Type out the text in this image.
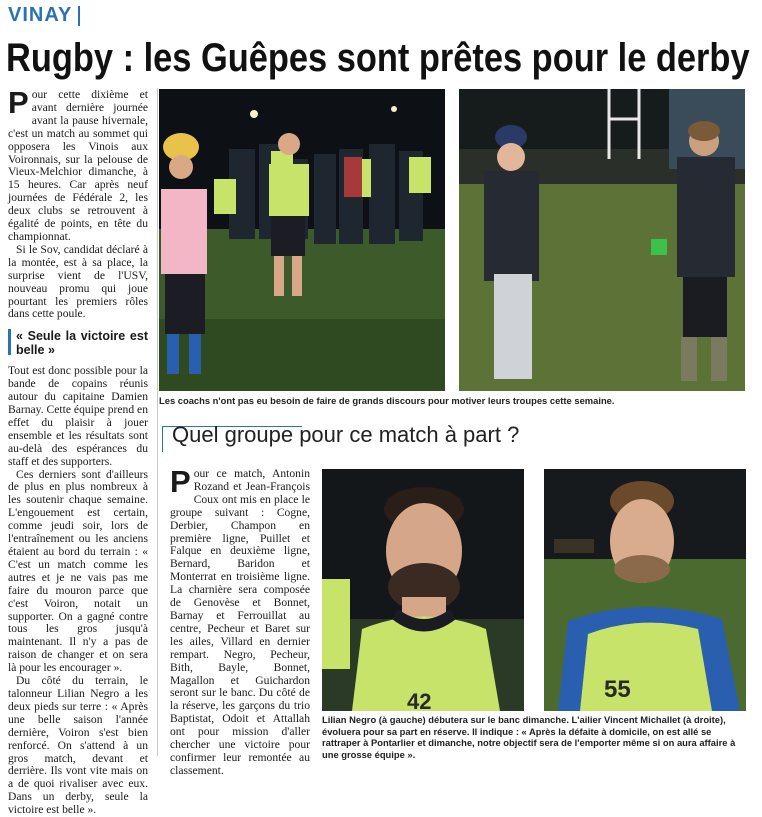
VINAY
Rugby : les Guêpes sont prêtes pour le derby

Pour cette dixième et avant dernière journée avant la pause hivernale, c'est un match au sommet qui opposera les Vinois aux Voironnais, sur la pelouse de Vieux-Melchior dimanche, à 15 heures. Car après neuf journées de Fédérale 2, les deux clubs se retrouvent à égalité de points, en tête du championnat.

Si le Sov, candidat déclaré à la montée, est à sa place, la surprise vient de l'USV, nouveau promu qui joue pourtant les premiers rôles dans cette poule.

« Seule la victoire est belle »

Tout est donc possible pour la bande de copains réunis autour du capitaine Damien Barnay. Cette équipe prend en effet du plaisir à jouer ensemble et les résultats sont au-delà des espérances du staff et des supporters.

Ces derniers sont d'ailleurs de plus en plus nombreux à les soutenir chaque semaine. L'engouement est certain, comme jeudi soir, lors de l'entraînement ou les anciens étaient au bord du terrain : « C'est un match comme les autres et je ne vais pas me faire du mouron parce que c'est Voiron, notait un supporter. On a gagné contre tous les gros jusqu'à maintenant. Il n'y a pas de raison de changer et on sera là pour les encourager ».

Du côté du terrain, le talonneur Lilian Negro a les deux pieds sur terre : « Après une belle saison l'année dernière, Voiron s'est bien renforcé. On s'attend à un gros match, devant et derrière. Ils vont vite mais on a de quoi rivaliser avec eux. Dans un derby, seule la victoire est belle ».

Les coachs n'ont pas eu besoin de faire de grands discours pour motiver leurs troupes cette semaine.
Quel groupe pour ce match à part ?

Pour ce match, Antonin Rozand et Jean-François Coux ont mis en place le groupe suivant : Cogne, Derbier, Champon en première ligne, Puillet et Falque en deuxième ligne, Bernard, Baridon et Monterrat en troisième ligne. La charnière sera composée de Genovèse et Bonnet, Barnay et Ferrouillat au centre, Pecheur et Baret sur les ailes, Villard en dernier rempart. Negro, Pecheur, Bith, Bayle, Bonnet, Magallon et Guichardon seront sur le banc. Du côté de la réserve, les garçons du trio Baptistat, Odoit et Attallah ont pour mission d'aller chercher une victoire pour confirmer leur remontée au classement.

42	55
Lilian Negro (à gauche) débutera sur le banc dimanche. L'ailier Vincent Michallet (à droite), évoluera pour sa part en réserve. Il indique : « Après la défaite à domicile, on est allé se rattraper à Pontarlier et dimanche, notre objectif sera de l'emporter même si on aura affaire à une grosse équipe ».
